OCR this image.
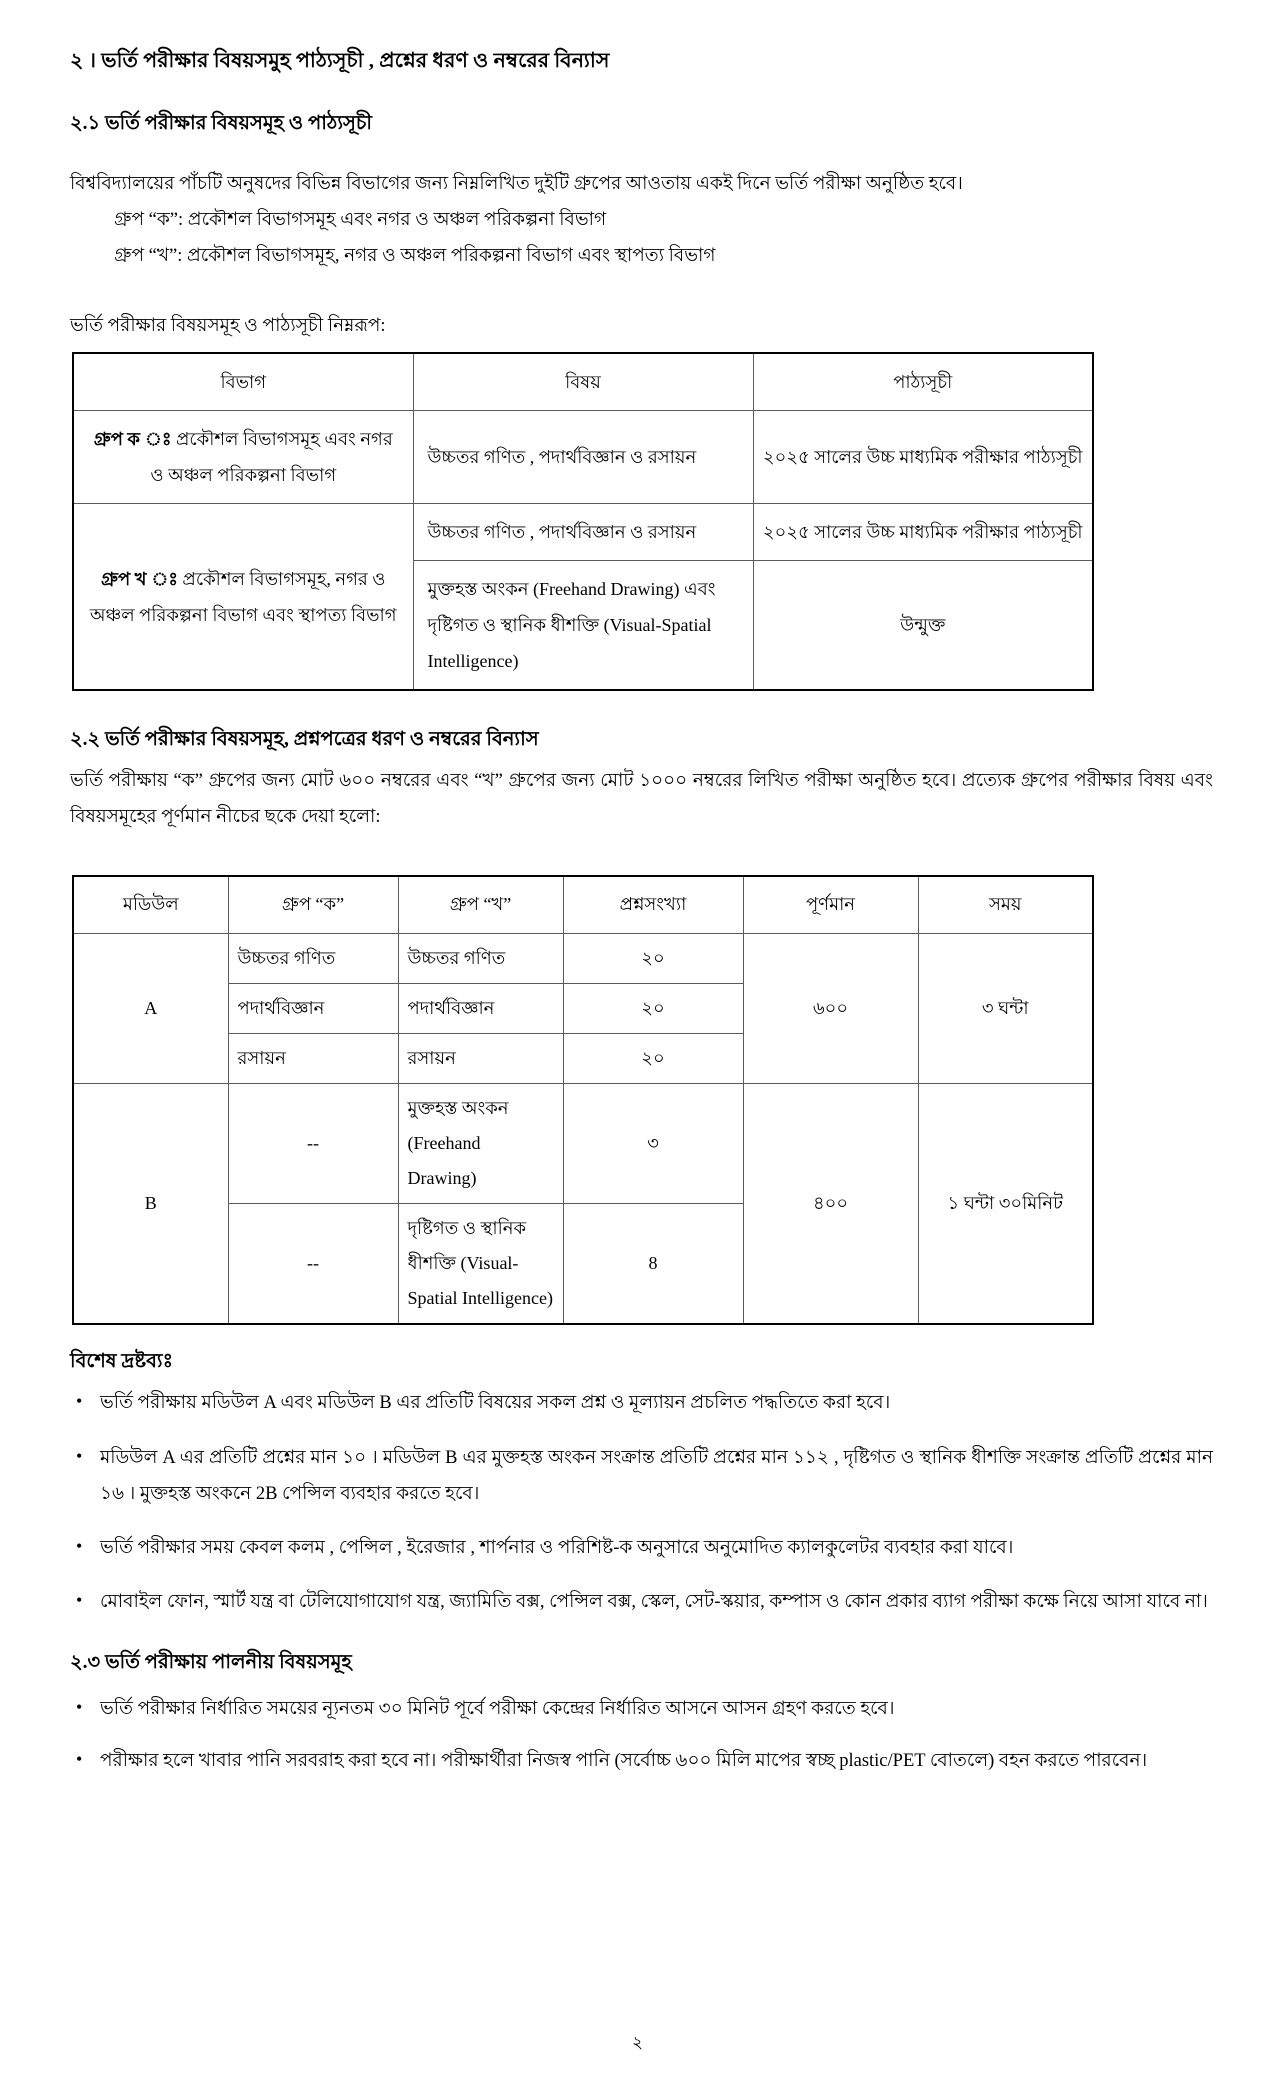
২ । ভর্তি পরীক্ষার বিষয়সমুহ পাঠ্যসূচী , প্রশ্নের ধরণ ও নম্বরের বিন্যাস
২.১ ভর্তি পরীক্ষার বিষয়সমূহ ও পাঠ্যসূচী
বিশ্ববিদ্যালয়ের পাঁচটি অনুষদের বিভিন্ন বিভাগের জন্য নিম্নলিখিত দুইটি গ্রুপের আওতায় একই দিনে ভর্তি পরীক্ষা অনুষ্ঠিত হবে।
গ্রুপ “ক”: প্রকৌশল বিভাগসমূহ এবং নগর ও অঞ্চল পরিকল্পনা বিভাগ
গ্রুপ “খ”: প্রকৌশল বিভাগসমূহ, নগর ও অঞ্চল পরিকল্পনা বিভাগ এবং স্থাপত্য বিভাগ
ভর্তি পরীক্ষার বিষয়সমূহ ও পাঠ্যসূচী নিম্নরূপ:
বিভাগ	বিষয়	পাঠ্যসূচী
গ্রুপ ক ঃ প্রকৌশল বিভাগসমূহ এবং নগর ও অঞ্চল পরিকল্পনা বিভাগ	উচ্চতর গণিত , পদার্থবিজ্ঞান ও রসায়ন	২০২৫ সালের উচ্চ মাধ্যমিক পরীক্ষার পাঠ্যসূচী
গ্রুপ খ ঃ প্রকৌশল বিভাগসমূহ, নগর ও অঞ্চল পরিকল্পনা বিভাগ এবং স্থাপত্য বিভাগ	উচ্চতর গণিত , পদার্থবিজ্ঞান ও রসায়ন	২০২৫ সালের উচ্চ মাধ্যমিক পরীক্ষার পাঠ্যসূচী
	মুক্তহস্ত অংকন (Freehand Drawing) এবং দৃষ্টিগত ও স্থানিক ধীশক্তি (Visual-Spatial Intelligence)	উন্মুক্ত
২.২ ভর্তি পরীক্ষার বিষয়সমূহ, প্রশ্নপত্রের ধরণ ও নম্বরের বিন্যাস
ভর্তি পরীক্ষায় “ক” গ্রুপের জন্য মোট ৬০০ নম্বরের এবং “খ” গ্রুপের জন্য মোট ১০০০ নম্বরের লিখিত পরীক্ষা অনুষ্ঠিত হবে। প্রত্যেক গ্রুপের পরীক্ষার বিষয় এবং বিষয়সমূহের পূর্ণমান নীচের ছকে দেয়া হলো:
মডিউল	গ্রুপ “ক”	গ্রুপ “খ”	প্রশ্নসংখ্যা	পূর্ণমান	সময়
A	উচ্চতর গণিত	উচ্চতর গণিত	২০	৬০০	৩ ঘন্টা
	পদার্থবিজ্ঞান	পদার্থবিজ্ঞান	২০		
	রসায়ন	রসায়ন	২০		
B	--	মুক্তহস্ত অংকন (Freehand Drawing)	৩	৪০০	১ ঘন্টা ৩০মিনিট
	--	দৃষ্টিগত ও স্থানিক ধীশক্তি (Visual-Spatial Intelligence)	8		
বিশেষ দ্রষ্টব্যঃ
• ভর্তি পরীক্ষায় মডিউল A এবং মডিউল B এর প্রতিটি বিষয়ের সকল প্রশ্ন ও মূল্যায়ন প্রচলিত পদ্ধতিতে করা হবে।
• মডিউল A এর প্রতিটি প্রশ্নের মান ১০ । মডিউল B এর মুক্তহস্ত অংকন সংক্রান্ত প্রতিটি প্রশ্নের মান ১১২ , দৃষ্টিগত ও স্থানিক ধীশক্তি সংক্রান্ত প্রতিটি প্রশ্নের মান ১৬ । মুক্তহস্ত অংকনে 2B পেন্সিল ব্যবহার করতে হবে।
• ভর্তি পরীক্ষার সময় কেবল কলম , পেন্সিল , ইরেজার , শার্পনার ও পরিশিষ্ট-ক অনুসারে অনুমোদিত ক্যালকুলেটর ব্যবহার করা যাবে।
• মোবাইল ফোন, স্মার্ট যন্ত্র বা টেলিযোগাযোগ যন্ত্র, জ্যামিতি বক্স, পেন্সিল বক্স, স্কেল, সেট-স্কয়ার, কম্পাস ও কোন প্রকার ব্যাগ পরীক্ষা কক্ষে নিয়ে আসা যাবে না।
২.৩ ভর্তি পরীক্ষায় পালনীয় বিষয়সমূহ
• ভর্তি পরীক্ষার নির্ধারিত সময়ের ন্যূনতম ৩০ মিনিট পূর্বে পরীক্ষা কেন্দ্রের নির্ধারিত আসনে আসন গ্রহণ করতে হবে।
• পরীক্ষার হলে খাবার পানি সরবরাহ করা হবে না। পরীক্ষার্থীরা নিজস্ব পানি (সর্বোচ্চ ৬০০ মিলি মাপের স্বচ্ছ plastic/PET বোতলে) বহন করতে পারবেন।
২
